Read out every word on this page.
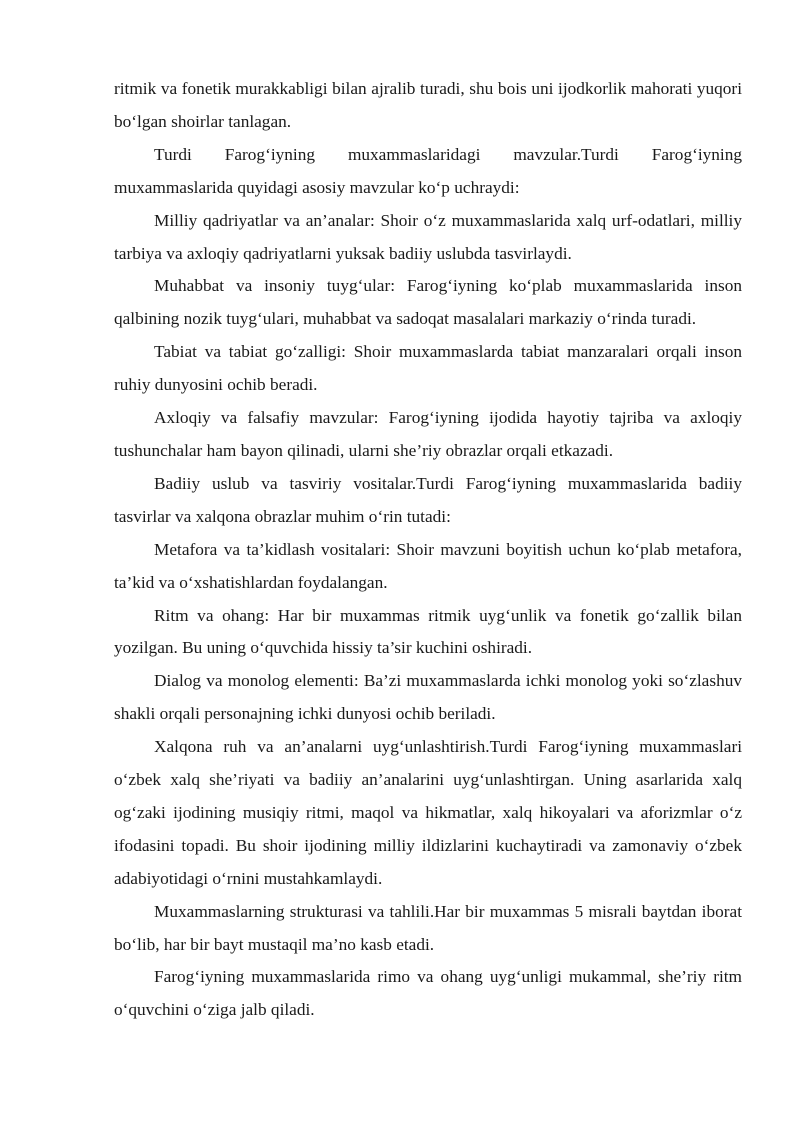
ritmik va fonetik murakkabligi bilan ajralib turadi, shu bois uni ijodkorlik mahorati yuqori bo‘lgan shoirlar tanlagan.

Turdi Farog‘iyning muxammaslaridagi mavzular.Turdi Farog‘iyning muxammaslarida quyidagi asosiy mavzular ko‘p uchraydi:

Milliy qadriyatlar va an’analar: Shoir o‘z muxammaslarida xalq urf-odatlari, milliy tarbiya va axloqiy qadriyatlarni yuksak badiiy uslubda tasvirlaydi.

Muhabbat va insoniy tuyg‘ular: Farog‘iyning ko‘plab muxammaslarida inson qalbining nozik tuyg‘ulari, muhabbat va sadoqat masalalari markaziy o‘rinda turadi.

Tabiat va tabiat go‘zalligi: Shoir muxammaslarda tabiat manzaralari orqali inson ruhiy dunyosini ochib beradi.

Axloqiy va falsafiy mavzular: Farog‘iyning ijodida hayotiy tajriba va axloqiy tushunchalar ham bayon qilinadi, ularni she’riy obrazlar orqali etkazadi.

Badiiy uslub va tasviriy vositalar.Turdi Farog‘iyning muxammaslarida badiiy tasvirlar va xalqona obrazlar muhim o‘rin tutadi:

Metafora va ta’kidlash vositalari: Shoir mavzuni boyitish uchun ko‘plab metafora, ta’kid va o‘xshatishlardan foydalangan.

Ritm va ohang: Har bir muxammas ritmik uyg‘unlik va fonetik go‘zallik bilan yozilgan. Bu uning o‘quvchida hissiy ta’sir kuchini oshiradi.

Dialog va monolog elementi: Ba’zi muxammaslarda ichki monolog yoki so‘zlashuv shakli orqali personajning ichki dunyosi ochib beriladi.

Xalqona ruh va an’analarni uyg‘unlashtirish.Turdi Farog‘iyning muxammaslari o‘zbek xalq she’riyati va badiiy an’analarini uyg‘unlashtirgan. Uning asarlarida xalq og‘zaki ijodining musiqiy ritmi, maqol va hikmatlar, xalq hikoyalari va aforizmlar o‘z ifodasini topadi. Bu shoir ijodining milliy ildizlarini kuchaytiradi va zamonaviy o‘zbek adabiyotidagi o‘rnini mustahkamlaydi.

Muxammaslarning strukturasi va tahlili.Har bir muxammas 5 misrali baytdan iborat bo‘lib, har bir bayt mustaqil ma’no kasb etadi.

Farog‘iyning muxammaslarida rimo va ohang uyg‘unligi mukammal, she’riy ritm o‘quvchini o‘ziga jalb qiladi.
